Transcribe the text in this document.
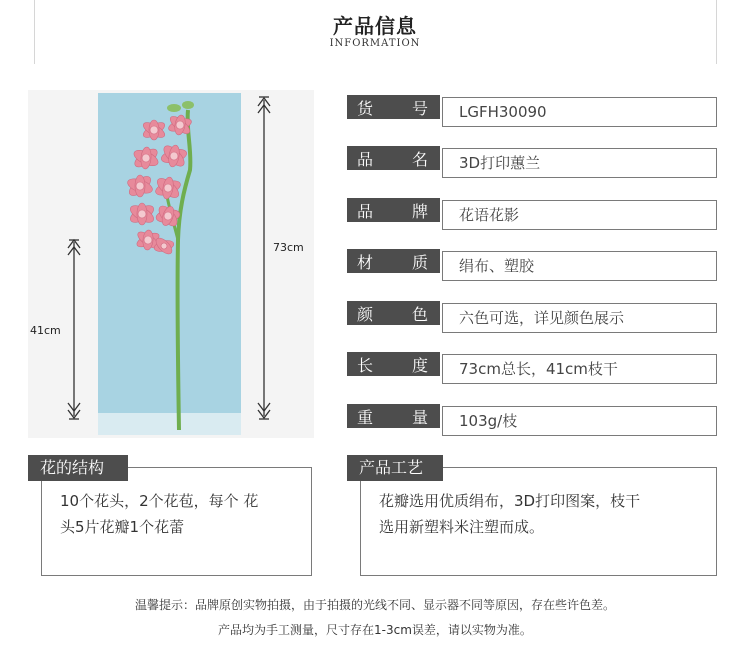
产品信息
INFORMATION
41cm
73cm
货 号	LGFH30090
品 名	3D打印蕙兰
品 牌	花语花影
材 质	绢布、塑胶
颜 色	六色可选，详见颜色展示
长 度	73cm总长，41cm枝干
重 量	103g/枝
10个花头，2个花苞，每个 花
头5片花瓣1个花蕾
花的结构
花瓣选用优质绢布，3D打印图案，枝干
选用新塑料米注塑而成。
产品工艺
温馨提示：品牌原创实物拍摄，由于拍摄的光线不同、显示器不同等原因，存在些许色差。
产品均为手工测量，尺寸存在1-3cm误差，请以实物为准。
